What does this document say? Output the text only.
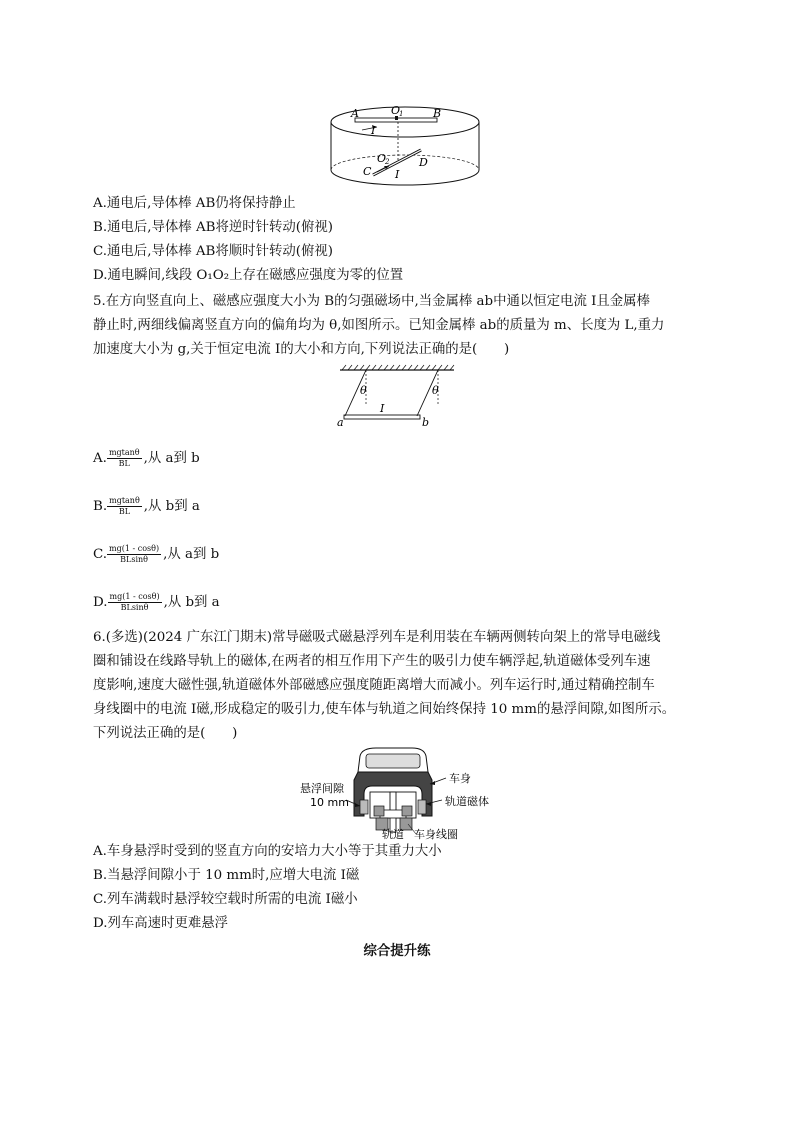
A	B
O
1
I
O
2
C
D
I
A.通电后,导体棒 AB仍将保持静止
B.通电后,导体棒 AB将逆时针转动(俯视)
C.通电后,导体棒 AB将顺时针转动(俯视)
D.通电瞬间,线段 O₁O₂上存在磁感应强度为零的位置
5.在方向竖直向上、磁感应强度大小为 B的匀强磁场中,当金属棒 ab中通以恒定电流 I且金属棒
静止时,两细线偏离竖直方向的偏角均为 θ,如图所示。已知金属棒 ab的质量为 m、长度为 L,重力
加速度大小为 g,关于恒定电流 I的大小和方向,下列说法正确的是(　　)
θ	θ
I
a	b
A. $\frac{mgtan\theta}{BL}$ ,从 a到 b
B. $\frac{mgtan\theta}{BL}$ ,从 b到 a
C. $\frac{mg(1 - \cos\theta)}{BLsin\theta}$ ,从 a到 b
D. $\frac{mg(1 - \cos\theta)}{BLsin\theta}$ ,从 b到 a
6.(多选)(2024 广东江门期末)常导磁吸式磁悬浮列车是利用装在车辆两侧转向架上的常导电磁线
圈和铺设在线路导轨上的磁体,在两者的相互作用下产生的吸引力使车辆浮起,轨道磁体受列车速
度影响,速度大磁性强,轨道磁体外部磁感应强度随距离增大而减小。列车运行时,通过精确控制车
身线圈中的电流 I磁,形成稳定的吸引力,使车体与轨道之间始终保持 10 mm的悬浮间隙,如图所示。
下列说法正确的是(　　)
悬浮间隙
10 mm
车身
轨道磁体
轨道 车身线圈
A.车身悬浮时受到的竖直方向的安培力大小等于其重力大小
B.当悬浮间隙小于 10 mm时,应增大电流 I磁
C.列车满载时悬浮较空载时所需的电流 I磁小
D.列车高速时更难悬浮
综合提升练
